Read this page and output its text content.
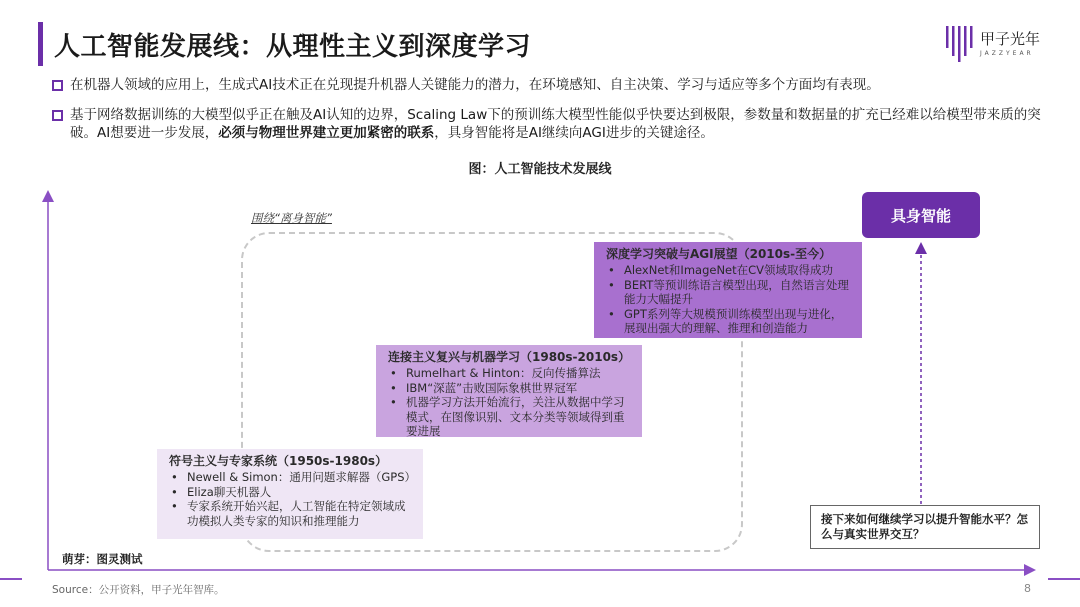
人工智能发展线：从理性主义到深度学习	甲子光年
JAZZYEAR
在机器人领域的应用上，生成式AI技术正在兑现提升机器人关键能力的潜力，在环境感知、自主决策、学习与适应等多个方面均有表现。
基于网络数据训练的大模型似乎正在触及AI认知的边界，Scaling Law下的预训练大模型性能似乎快要达到极限，参数量和数据量的扩充已经难以给模型带来质的突破。AI想要进一步发展，必须与物理世界建立更加紧密的联系，具身智能将是AI继续向AGI进步的关键途径。
图：人工智能技术发展线
围绕“离身智能”
符号主义与专家系统（1950s-1980s）
• Newell & Simon：通用问题求解器（GPS）
• Eliza聊天机器人
• 专家系统开始兴起，人工智能在特定领域成功模拟人类专家的知识和推理能力
连接主义复兴与机器学习（1980s-2010s）
• Rumelhart & Hinton：反向传播算法
• IBM“深蓝”击败国际象棋世界冠军
• 机器学习方法开始流行，关注从数据中学习模式，在图像识别、文本分类等领域得到重要进展
深度学习突破与AGI展望（2010s-至今）
• AlexNet和ImageNet在CV领域取得成功
• BERT等预训练语言模型出现，自然语言处理能力大幅提升
• GPT系列等大规模预训练模型出现与进化，展现出强大的理解、推理和创造能力
具身智能
接下来如何继续学习以提升智能水平？怎么与真实世界交互？
萌芽：图灵测试
Source：公开资料，甲子光年智库。	8
